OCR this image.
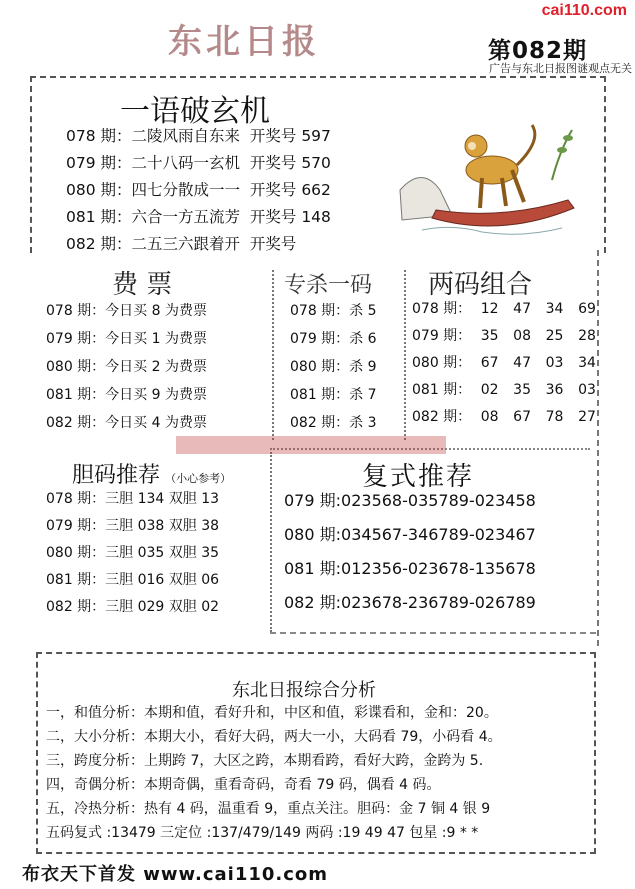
cai110.com
东北日报	第082期
广告与东北日报图谜观点无关
一语破玄机
078 期：二陵风雨自东来 开奖号 597
079 期：二十八码一玄机 开奖号 570
080 期：四七分散成一一 开奖号 662
081 期：六合一方五流芳 开奖号 148
082 期：二五三六跟着开 开奖号
费 票
078 期：今日买 8 为费票
079 期：今日买 1 为费票
080 期：今日买 2 为费票
081 期：今日买 9 为费票
082 期：今日买 4 为费票
专杀一码
078 期：杀 5
079 期：杀 6
080 期：杀 9
081 期：杀 7
082 期：杀 3
两码组合
078 期： 12 47 34 69
079 期： 35 08 25 28
080 期： 67 47 03 34
081 期： 02 35 36 03
082 期： 08 67 78 27
胆码推荐 （小心参考）
078 期：三胆 134 双胆 13
079 期：三胆 038 双胆 38
080 期：三胆 035 双胆 35
081 期：三胆 016 双胆 06
082 期：三胆 029 双胆 02
复式推荐
079 期:023568-035789-023458
080 期:034567-346789-023467
081 期:012356-023678-135678
082 期:023678-236789-026789
东北日报综合分析
一，和值分析：本期和值，看好升和，中区和值，彩谍看和，金和：20。
二，大小分析：本期大小，看好大码，两大一小，大码看 79，小码看 4。
三，跨度分析：上期跨 7，大区之跨，本期看跨，看好大跨，金跨为 5.
四，奇偶分析：本期奇偶，重看奇码，奇看 79 码，偶看 4 码。
五，冷热分析：热有 4 码，温重看 9，重点关注。胆码：金 7 铜 4 银 9
五码复式 :13479 三定位 :137/479/149 两码 :19 49 47 包星 :9 * *
布衣天下首发 www.cai110.com
